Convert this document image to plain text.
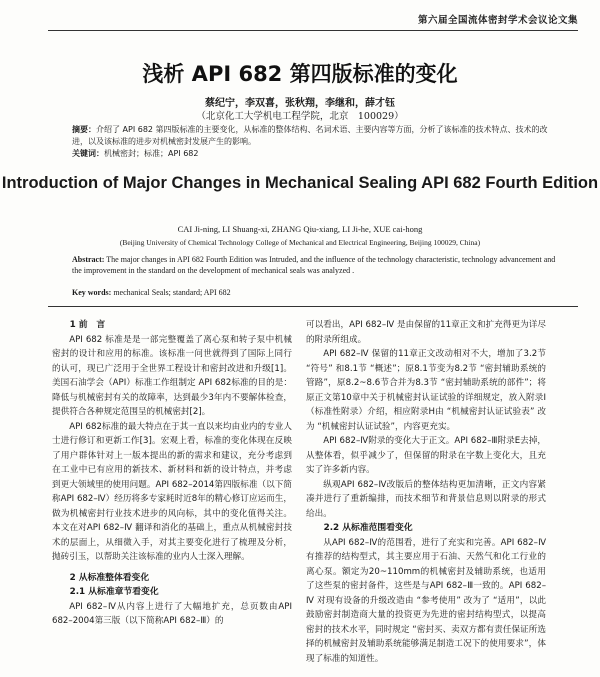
第六届全国流体密封学术会议论文集
浅析 API 682 第四版标准的变化
蔡纪宁，李双喜，张秋翔，李继和，薛才钰
（北京化工大学机电工程学院，北京　100029）
摘要：介绍了 API 682 第四版标准的主要变化，从标准的整体结构、名词术语、主要内容等方面，分析了该标准的技术特点、技术的改进，以及该标准的进步对机械密封发展产生的影响。
关键词：机械密封；标准；API 682
Introduction of Major Changes in Mechanical Sealing API 682 Fourth Edition
CAI Ji-ning, LI Shuang-xi, ZHANG Qiu-xiang, LI Ji-he, XUE cai-hong
(Beijing University of Chemical Technology College of Mechanical and Electrical Engineering, Beijing 100029, China)
Abstract: The major changes in API 682 Fourth Edition was Intruded, and the influence of the technology characteristic, technology advancement and the improvement in the standard on the development of mechanical seals was analyzed .
Key words: mechanical Seals; standard; API 682

1 前　言

API 682 标准是是一部完整覆盖了离心泵和转子泵中机械密封的设计和应用的标准。该标准一问世就得到了国际上同行的认可，现已广泛用于全世界工程设计和密封改进和升级[1]。美国石油学会（API）标准工作组制定 API 682标准的目的是：降低与机械密封有关的故障率，达到最少3年内不要解体检查，提供符合各种规定范围呈的机械密封[2]。

API 682标准的最大特点在于其一直以来均由业内的专业人士进行修订和更新工作[3]。宏观上看，标准的变化体现在反映了用户群体针对上一版本提出的新的需求和建议，充分考虑到在工业中已有应用的新技术、新材料和新的设计特点，并考虑到更大领域里的使用问题。API 682–2014第四版标准（以下简称API 682–Ⅳ）经历将多专家耗时近8年的精心修订应运而生，做为机械密封行业技术进步的风向标，其中的变化值得关注。本文在对API 682–Ⅳ 翻译和消化的基础上，重点从机械密封技术的层面上，从细微入手，对其主要变化进行了梳理及分析，抛砖引玉，以帮助关注该标准的业内人士深入理解。

2 从标准整体看变化

2.1 从标准章节看变化

API 682–Ⅳ从内容上进行了大幅地扩充，总页数由API 682–2004第三版（以下简称API 682–Ⅲ）的

可以看出，API 682–Ⅳ 是由保留的11章正文和扩充得更为详尽的附录所组成。

API 682–Ⅳ 保留的11章正文改动相对不大，增加了3.2节 “符号” 和8.1节 “概述”；原8.1节变为8.2节 “密封辅助系统的管路”，原8.2~8.6节合并为8.3节 “密封辅助系统的部件”；将原正文第10章中关于机械密封认证试验的详细规定，放入附录I（标准性附录）介绍，相应附录H由 “机械密封认证试验表” 改为 “机械密封认证试验”，内容更充实。

API 682–Ⅳ附录的变化大于正文。API 682–Ⅲ附录E去掉，从整体看，似乎减少了，但保留的附录在字数上变化大，且充实了许多新内容。

纵观API 682–Ⅳ改版后的整体结构更加清晰，正文内容紧凑并进行了重新编排，而技术细节和背景信息则以附录的形式给出。

2.2 从标准范围看变化

从API 682–Ⅳ的范围看，进行了充实和完善。API 682–Ⅳ有推荐的结构型式，其主要应用于石油、天然气和化工行业的离心泵。额定为20~110mm的机械密封及辅助系统，也适用了这些泵的密封备件，这些是与API 682–Ⅲ一致的。API 682–Ⅳ 对现有设备的升级改造由 “参考使用” 改为了 “适用”，以此鼓励密封制造商大量的投资更为先进的密封结构型式，以提高密封的技术水平，同时规定 “密封买、卖双方都有责任保证所选择的机械密封及辅助系统能够满足制造工况下的使用要求”，体现了标准的知道性。
